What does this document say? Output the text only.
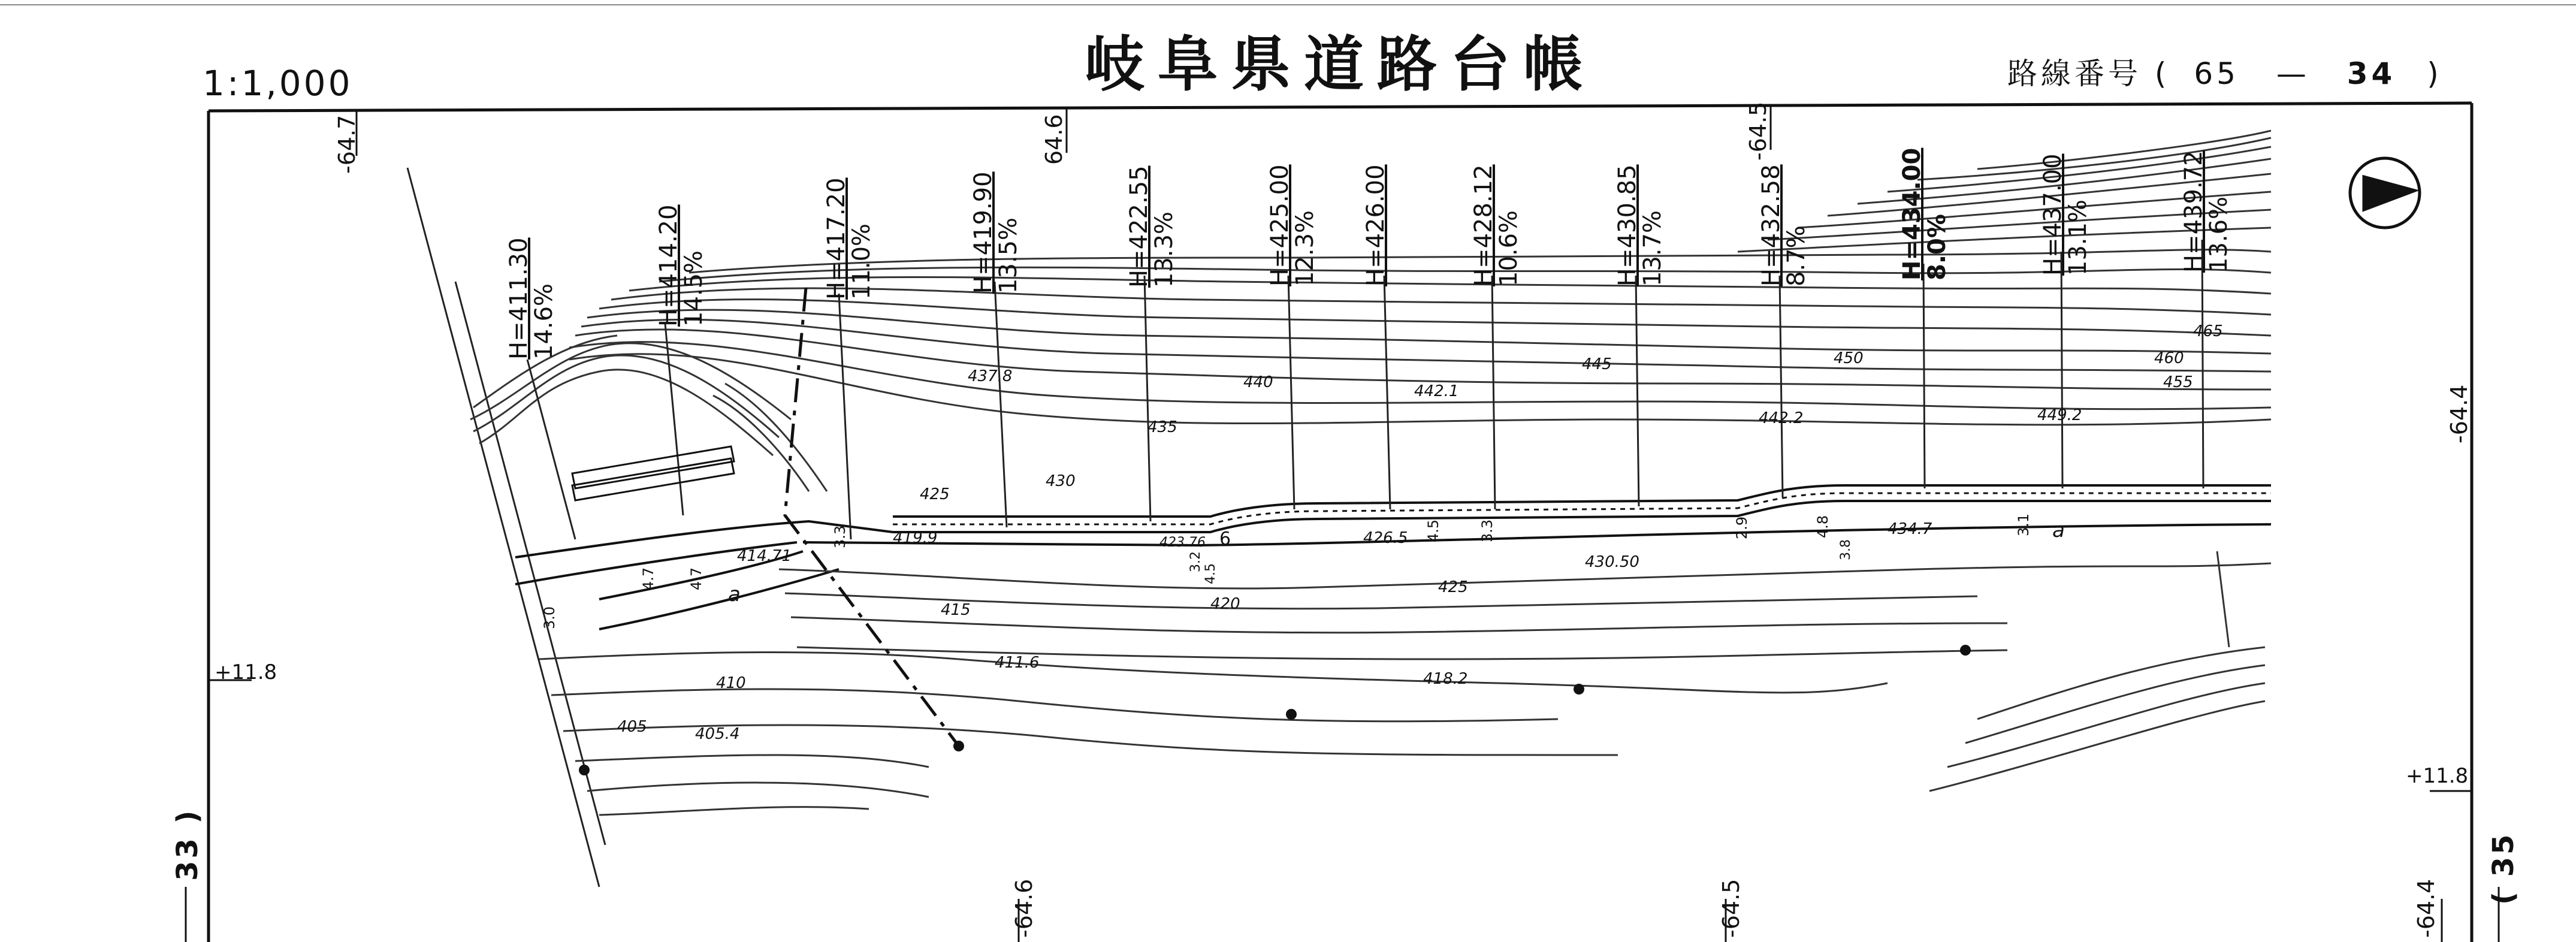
岐阜県道路台帳
1:1,000	路線番号 ( 65 — 34 )
-64.7	64.6	-64.5
-64.6	-64.5	-64.4
-64.4
+11.8
+11.8
33 )	( 35
H=411.30
14.6%	H=414.20
14.5%	H=417.20
11.0%	H=419.90
13.5%	H=422.55
13.3%	H=425.00
12.3% H=426.00	H=428.12
10.6%	H=430.85
13.7%	H=432.58
8.7%	H=434.00
8.0%	H=437.00
13.1%	H=439.72
13.6%
437.8	440	442.1
445	450	460
465
455
442.2	449.2
435
430
425
419.9	423.76	426.5
430.50
434.7
425
420
415
411.6
418.2
410
405	405.4
414.71
6
a
a
3.3
3.2
4.5
4.5	3.3	2.9	4.8
3.8
3.1
4.7 4.7
3.0
